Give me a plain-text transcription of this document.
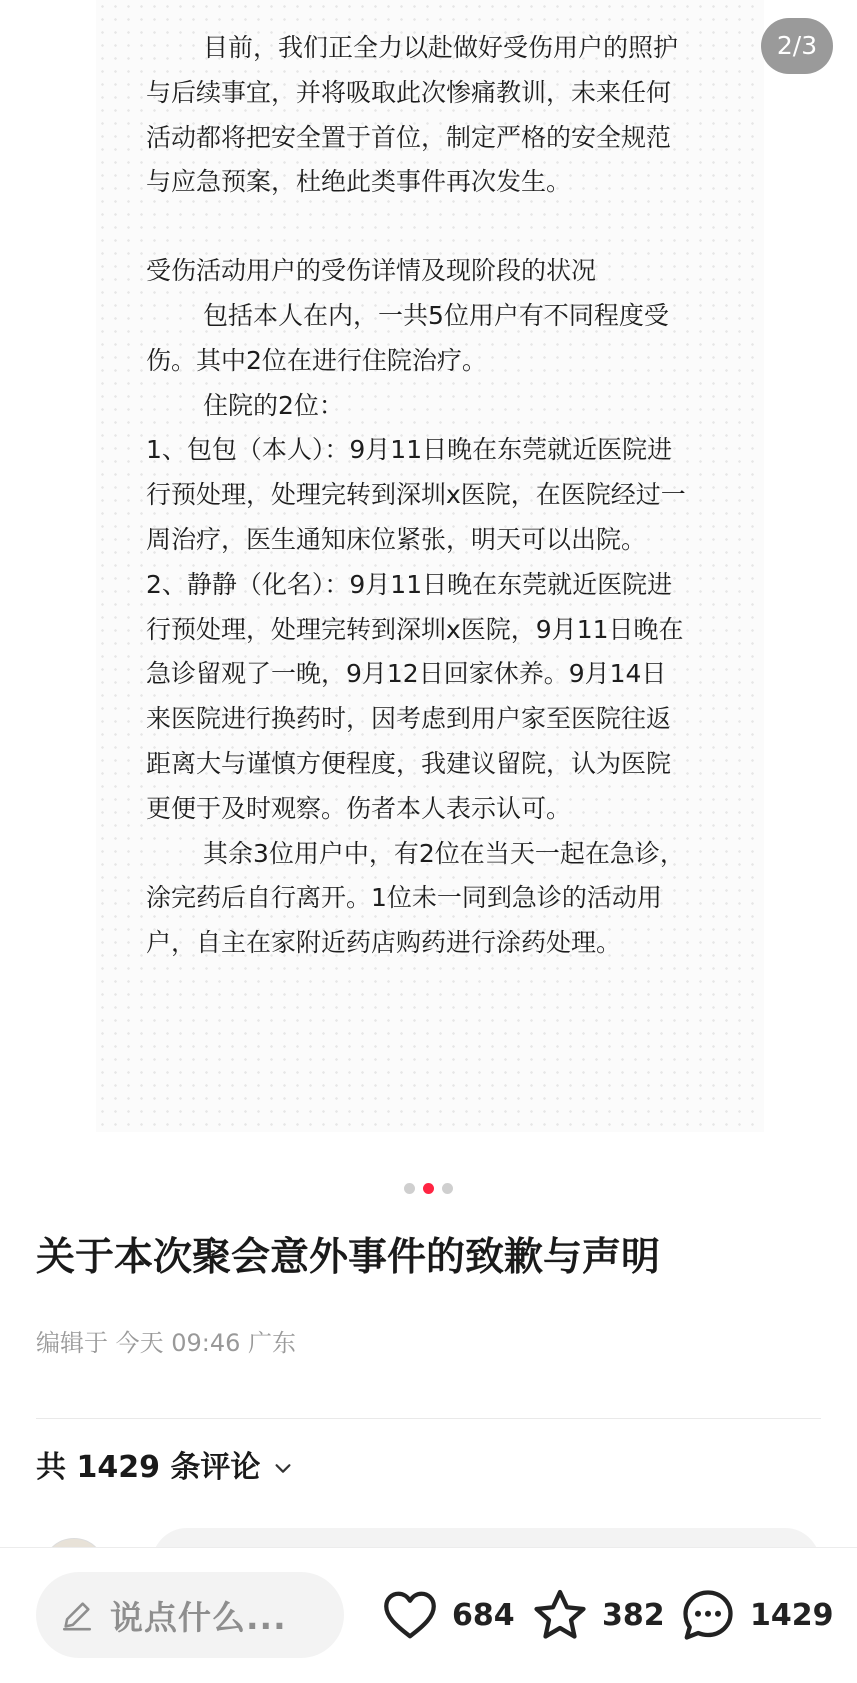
目前，我们正全力以赴做好受伤用户的照护与后续事宜，并将吸取此次惨痛教训，未来任何活动都将把安全置于首位，制定严格的安全规范与应急预案，杜绝此类事件再次发生。

受伤活动用户的受伤详情及现阶段的状况

包括本人在内，一共5位用户有不同程度受伤。其中2位在进行住院治疗。

住院的2位：

1、包包（本人）：9月11日晚在东莞就近医院进行预处理，处理完转到深圳x医院，在医院经过一周治疗，医生通知床位紧张，明天可以出院。

2、静静（化名）：9月11日晚在东莞就近医院进行预处理，处理完转到深圳x医院，9月11日晚在急诊留观了一晚，9月12日回家休养。9月14日来医院进行换药时，因考虑到用户家至医院往返距离大与谨慎方便程度，我建议留院，认为医院更便于及时观察。伤者本人表示认可。

其余3位用户中，有2位在当天一起在急诊，涂完药后自行离开。1位未一同到急诊的活动用户，自主在家附近药店购药进行涂药处理。

2/3
关于本次聚会意外事件的致歉与声明
编辑于 今天 09:46 广东
共 1429 条评论
说点什么...	684	382	1429
